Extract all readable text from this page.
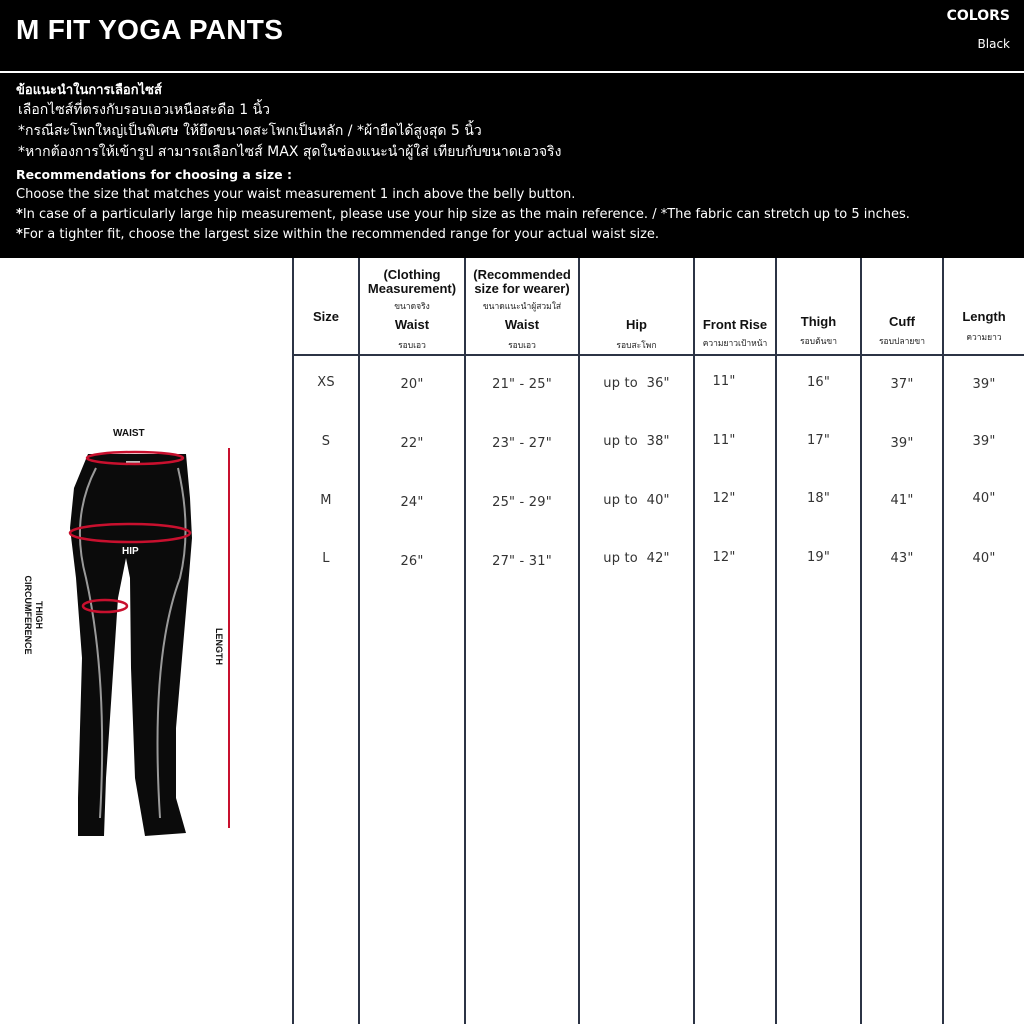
M FIT YOGA PANTS	COLORS
Black
ข้อแนะนำในการเลือกไซส์
เลือกไซส์ที่ตรงกับรอบเอวเหนือสะดือ 1 นิ้ว
*กรณีสะโพกใหญ่เป็นพิเศษ ให้ยึดขนาดสะโพกเป็นหลัก / *ผ้ายืดได้สูงสุด 5 นิ้ว
*หากต้องการให้เข้ารูป สามารถเลือกไซส์ MAX สุดในช่องแนะนำผู้ใส่ เทียบกับขนาดเอวจริง
Recommendations for choosing a size :
Choose the size that matches your waist measurement 1 inch above the belly button.
*In case of a particularly large hip measurement, please use your hip size as the main reference. / *The fabric can stretch up to 5 inches.
*For a tighter fit, choose the largest size within the recommended range for your actual waist size.
WAIST
HIP
LENGTH
THIGH
CIRCUMFERENCE
Size
(Clothing
Measurement)
ขนาดจริง
Waist
รอบเอว
(Recommended
size for wearer)
ขนาดแนะนำผู้สวมใส่
Waist
รอบเอว
Hip
รอบสะโพก
Front Rise
ความยาวเป้าหน้า
Thigh
รอบต้นขา
Cuff
รอบปลายขา
Length
ความยาว
XS	20"	21" - 25"	up to  36"	11"	16"	37"	39"
S	22"	23" - 27"	up to  38"	11"	17"	39"	39"
M	24"	25" - 29"	up to  40"	12"	18"	41"	40"
L	26"	27" - 31"	up to  42"	12"	19"	43"	40"
